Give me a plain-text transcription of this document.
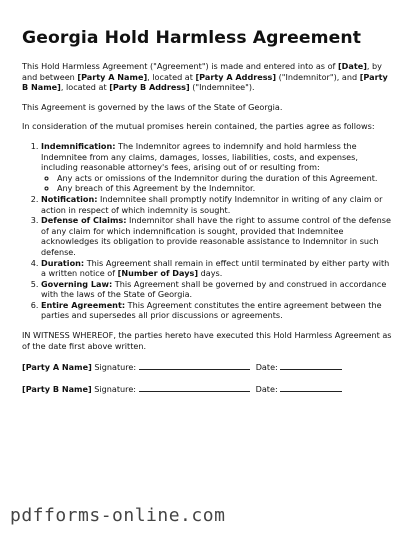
Georgia Hold Harmless Agreement

This Hold Harmless Agreement ("Agreement") is made and entered into as of [Date], by and between [Party A Name], located at [Party A Address] ("Indemnitor"), and [Party B Name], located at [Party B Address] ("Indemnitee").

This Agreement is governed by the laws of the State of Georgia.

In consideration of the mutual promises herein contained, the parties agree as follows:

1. Indemnification: The Indemnitor agrees to indemnify and hold harmless the Indemnitee from any claims, damages, losses, liabilities, costs, and expenses, including reasonable attorney's fees, arising out of or resulting from:
◦ Any acts or omissions of the Indemnitor during the duration of this Agreement.
◦ Any breach of this Agreement by the Indemnitor.
2. Notification: Indemnitee shall promptly notify Indemnitor in writing of any claim or action in respect of which indemnity is sought.
3. Defense of Claims: Indemnitor shall have the right to assume control of the defense of any claim for which indemnification is sought, provided that Indemnitee acknowledges its obligation to provide reasonable assistance to Indemnitor in such defense.
4. Duration: This Agreement shall remain in effect until terminated by either party with a written notice of [Number of Days] days.
5. Governing Law: This Agreement shall be governed by and construed in accordance with the laws of the State of Georgia.
6. Entire Agreement: This Agreement constitutes the entire agreement between the parties and supersedes all prior discussions or agreements.

IN WITNESS WHEREOF, the parties hereto have executed this Hold Harmless Agreement as of the date first above written.

[Party A Name] Signature:	Date:
[Party B Name] Signature:	Date:
pdfforms-online.com
